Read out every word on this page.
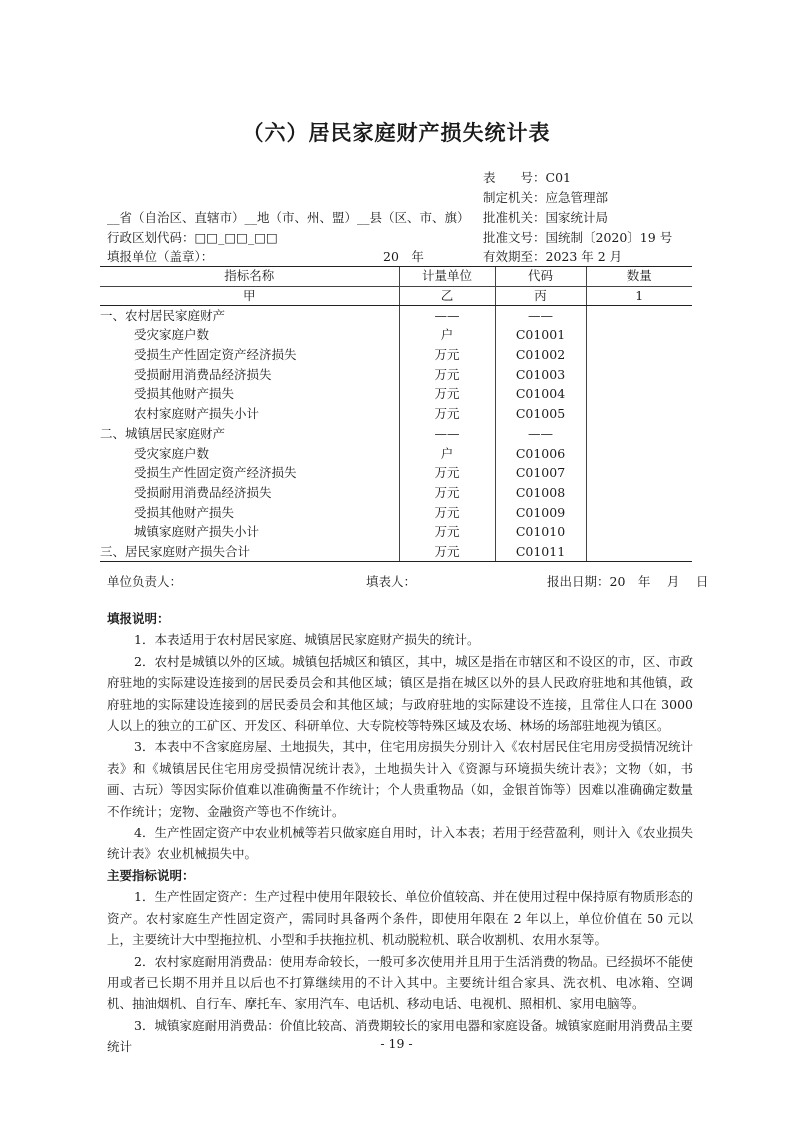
（六）居民家庭财产损失统计表
表　　号：C01
制定机关：应急管理部
__省（自治区、直辖市）__地（市、州、盟）__县（区、市、旗） 批准机关：国家统计局
行政区划代码：□□_□□_□□	批准文号：国统制〔2020〕19 号
填报单位（盖章）：	20　年	有效期至：2023 年 2 月
指标名称	计量单位	代码	数量
甲	乙	丙	1
一、农村居民家庭财产	——	——	
受灾家庭户数	户	C01001	
受损生产性固定资产经济损失	万元	C01002	
受损耐用消费品经济损失	万元	C01003	
受损其他财产损失	万元	C01004	
农村家庭财产损失小计	万元	C01005	
二、城镇居民家庭财产	——	——	
受灾家庭户数	户	C01006	
受损生产性固定资产经济损失	万元	C01007	
受损耐用消费品经济损失	万元	C01008	
受损其他财产损失	万元	C01009	
城镇家庭财产损失小计	万元	C01010	
三、居民家庭财产损失合计	万元	C01011	
单位负责人：	填表人：	报出日期：20　年　 月　 日
填报说明：

1．本表适用于农村居民家庭、城镇居民家庭财产损失的统计。

2．农村是城镇以外的区域。城镇包括城区和镇区，其中，城区是指在市辖区和不设区的市，区、市政府驻地的实际建设连接到的居民委员会和其他区域；镇区是指在城区以外的县人民政府驻地和其他镇，政府驻地的实际建设连接到的居民委员会和其他区域；与政府驻地的实际建设不连接，且常住人口在 3000 人以上的独立的工矿区、开发区、科研单位、大专院校等特殊区域及农场、林场的场部驻地视为镇区。

3．本表中不含家庭房屋、土地损失，其中，住宅用房损失分别计入《农村居民住宅用房受损情况统计表》和《城镇居民住宅用房受损情况统计表》，土地损失计入《资源与环境损失统计表》；文物（如，书画、古玩）等因实际价值难以准确衡量不作统计；个人贵重物品（如，金银首饰等）因难以准确确定数量不作统计；宠物、金融资产等也不作统计。

4．生产性固定资产中农业机械等若只做家庭自用时，计入本表；若用于经营盈利，则计入《农业损失统计表》农业机械损失中。

主要指标说明：

1．生产性固定资产：生产过程中使用年限较长、单位价值较高、并在使用过程中保持原有物质形态的资产。农村家庭生产性固定资产，需同时具备两个条件，即使用年限在 2 年以上，单位价值在 50 元以上，主要统计大中型拖拉机、小型和手扶拖拉机、机动脱粒机、联合收割机、农用水泵等。

2．农村家庭耐用消费品：使用寿命较长，一般可多次使用并且用于生活消费的物品。已经损坏不能使用或者已长期不用并且以后也不打算继续用的不计入其中。主要统计组合家具、洗衣机、电冰箱、空调机、抽油烟机、自行车、摩托车、家用汽车、电话机、移动电话、电视机、照相机、家用电脑等。

3．城镇家庭耐用消费品：价值比较高、消费期较长的家用电器和家庭设备。城镇家庭耐用消费品主要统计	- 19 -
